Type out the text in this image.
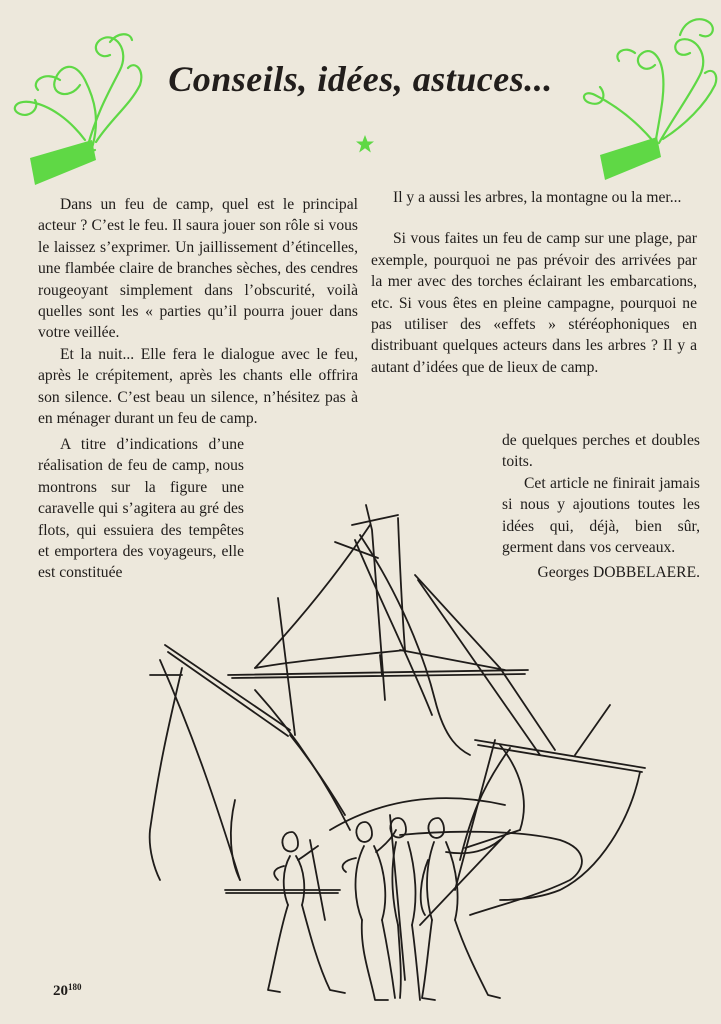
Conseils, idées, astuces...

Dans un feu de camp, quel est le principal acteur ? C’est le feu. Il saura jouer son rôle si vous le laissez s’exprimer. Un jaillissement d’étincelles, une flambée claire de branches sèches, des cendres rougeoyant simplement dans l’obscurité, voilà quelles sont les « parties qu’il pourra jouer dans votre veillée.

Et la nuit... Elle fera le dialogue avec le feu, après le crépitement, après les chants elle offrira son silence. C’est beau un silence, n’hésitez pas à en ménager durant un feu de camp.

Il y a aussi les arbres, la montagne ou la mer...

Si vous faites un feu de camp sur une plage, par exemple, pourquoi ne pas prévoir des arrivées par la mer avec des torches éclairant les embarcations, etc. Si vous êtes en pleine campagne, pourquoi ne pas utiliser des «effets » stéréophoniques en distribuant quelques acteurs dans les arbres ? Il y a autant d’idées que de lieux de camp.

A titre d’indications d’une réalisation de feu de camp, nous montrons sur la figure une caravelle qui s’agitera au gré des flots, qui essuiera des tempêtes et emportera des voyageurs, elle est constituée

de quelques perches et doubles toits.

Cet article ne finirait jamais si nous y ajoutions toutes les idées qui, déjà, bien sûr, germent dans vos cerveaux.

Georges DOBBELAERE.

$20^{180}$
